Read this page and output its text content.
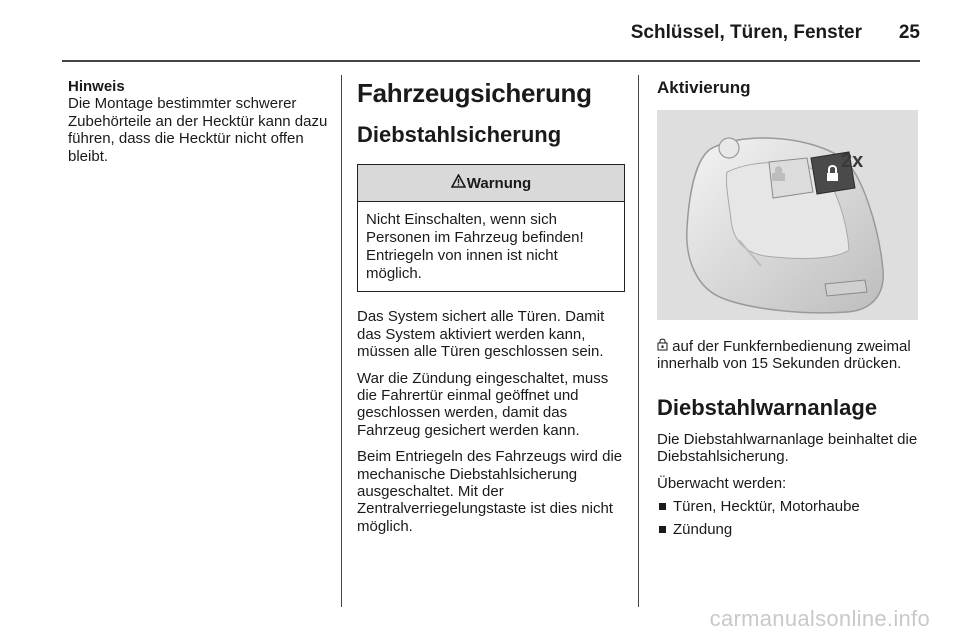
Schlüssel, Türen, Fenster 25
Hinweis
Die Montage bestimmter schwerer Zubehörteile an der Hecktür kann dazu führen, dass die Hecktür nicht offen bleibt.
Fahrzeugsicherung
Diebstahlsicherung
Warnung
Nicht Einschalten, wenn sich Personen im Fahrzeug befinden! Entriegeln von innen ist nicht möglich.

Das System sichert alle Türen. Damit das System aktiviert werden kann, müssen alle Türen geschlossen sein.

War die Zündung eingeschaltet, muss die Fahrertür einmal geöffnet und geschlossen werden, damit das Fahrzeug gesichert werden kann.

Beim Entriegeln des Fahrzeugs wird die mechanische Diebstahlsicherung ausgeschaltet. Mit der Zentralverriegelungstaste ist dies nicht möglich.

Aktivierung
2x

auf der Funkfernbedienung zweimal innerhalb von 15 Sekunden drücken.

Diebstahlwarnanlage

Die Diebstahlwarnanlage beinhaltet die Diebstahlsicherung.

Überwacht werden:

Türen, Hecktür, Motorhaube
Zündung
carmanualsonline.info
